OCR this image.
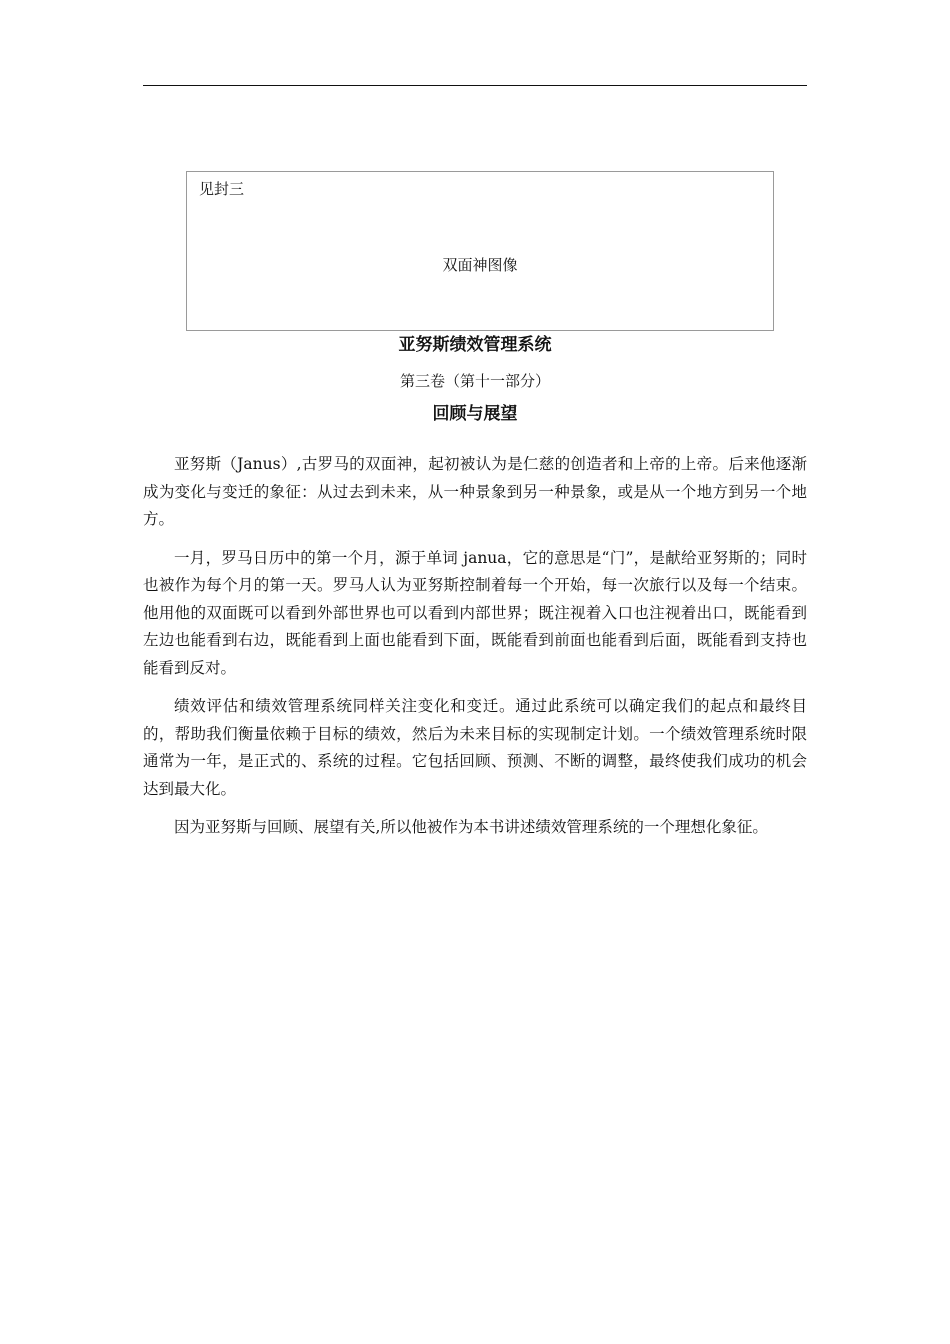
见封三
双面神图像
亚努斯绩效管理系统
第三卷（第十一部分）
回顾与展望

亚努斯（Janus）,古罗马的双面神，起初被认为是仁慈的创造者和上帝的上帝。后来他逐渐成为变化与变迁的象征：从过去到未来，从一种景象到另一种景象，或是从一个地方到另一个地方。

一月，罗马日历中的第一个月，源于单词 janua，它的意思是“门”，是献给亚努斯的；同时也被作为每个月的第一天。罗马人认为亚努斯控制着每一个开始，每一次旅行以及每一个结束。他用他的双面既可以看到外部世界也可以看到内部世界；既注视着入口也注视着出口，既能看到左边也能看到右边，既能看到上面也能看到下面，既能看到前面也能看到后面，既能看到支持也能看到反对。

绩效评估和绩效管理系统同样关注变化和变迁。通过此系统可以确定我们的起点和最终目的，帮助我们衡量依赖于目标的绩效，然后为未来目标的实现制定计划。一个绩效管理系统时限通常为一年，是正式的、系统的过程。它包括回顾、预测、不断的调整，最终使我们成功的机会达到最大化。

因为亚努斯与回顾、展望有关,所以他被作为本书讲述绩效管理系统的一个理想化象征。
